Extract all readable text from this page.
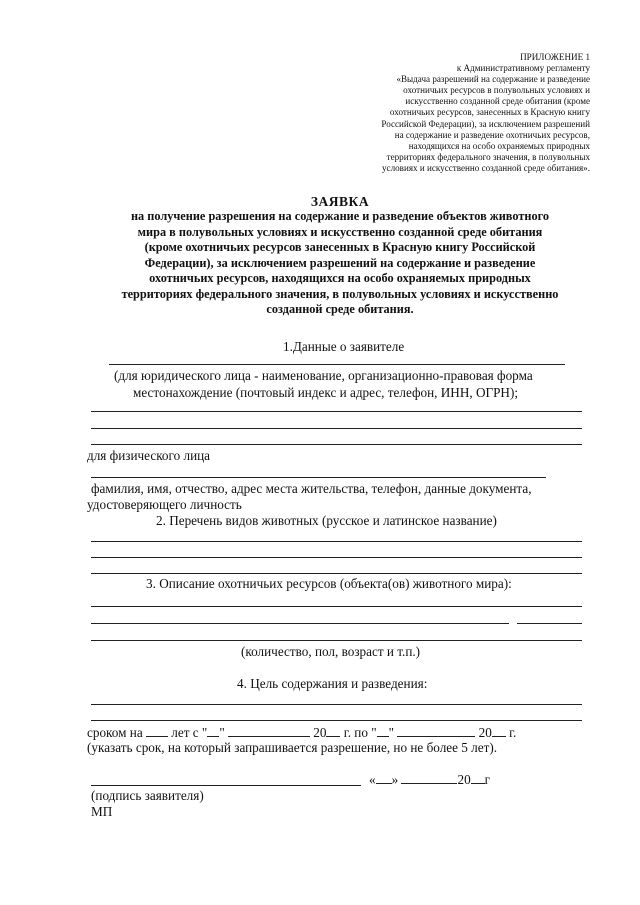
ПРИЛОЖЕНИЕ 1
к Административному регламенту
«Выдача разрешений на содержание и разведение
охотничьих ресурсов в полувольных условиях и
искусственно созданной среде обитания (кроме
охотничьих ресурсов, занесенных в Красную книгу
Российской Федерации), за исключением разрешений
на содержание и разведение охотничьих ресурсов,
находящихся на особо охраняемых природных
территориях федерального значения, в полувольных
условиях и искусственно созданной среде обитания».
ЗАЯВКА
на получение разрешения на содержание и разведение объектов животного
мира в полувольных условиях и искусственно созданной среде обитания
(кроме охотничьих ресурсов занесенных в Красную книгу Российской
Федерации), за исключением разрешений на содержание и разведение
охотничьих ресурсов, находящихся на особо охраняемых природных
территориях федерального значения, в полувольных условиях и искусственно
созданной среде обитания.
1.Данные о заявителе
(для юридического лица - наименование, организационно-правовая форма
местонахождение (почтовый индекс и адрес, телефон, ИНН, ОГРН);
для физического лица
фамилия, имя, отчество, адрес места жительства, телефон, данные документа,
удостоверяющего личность
2. Перечень видов животных (русское и латинское название)
3. Описание охотничьих ресурсов (объекта(ов) животного мира):
(количество, пол, возраст и т.п.)
4. Цель содержания и разведения:
сроком на лет с " "	20 г. по " "	20 г.
(указать срок, на который запрашивается разрешение, но не более 5 лет).
« »	20 г
(подпись заявителя)
МП
